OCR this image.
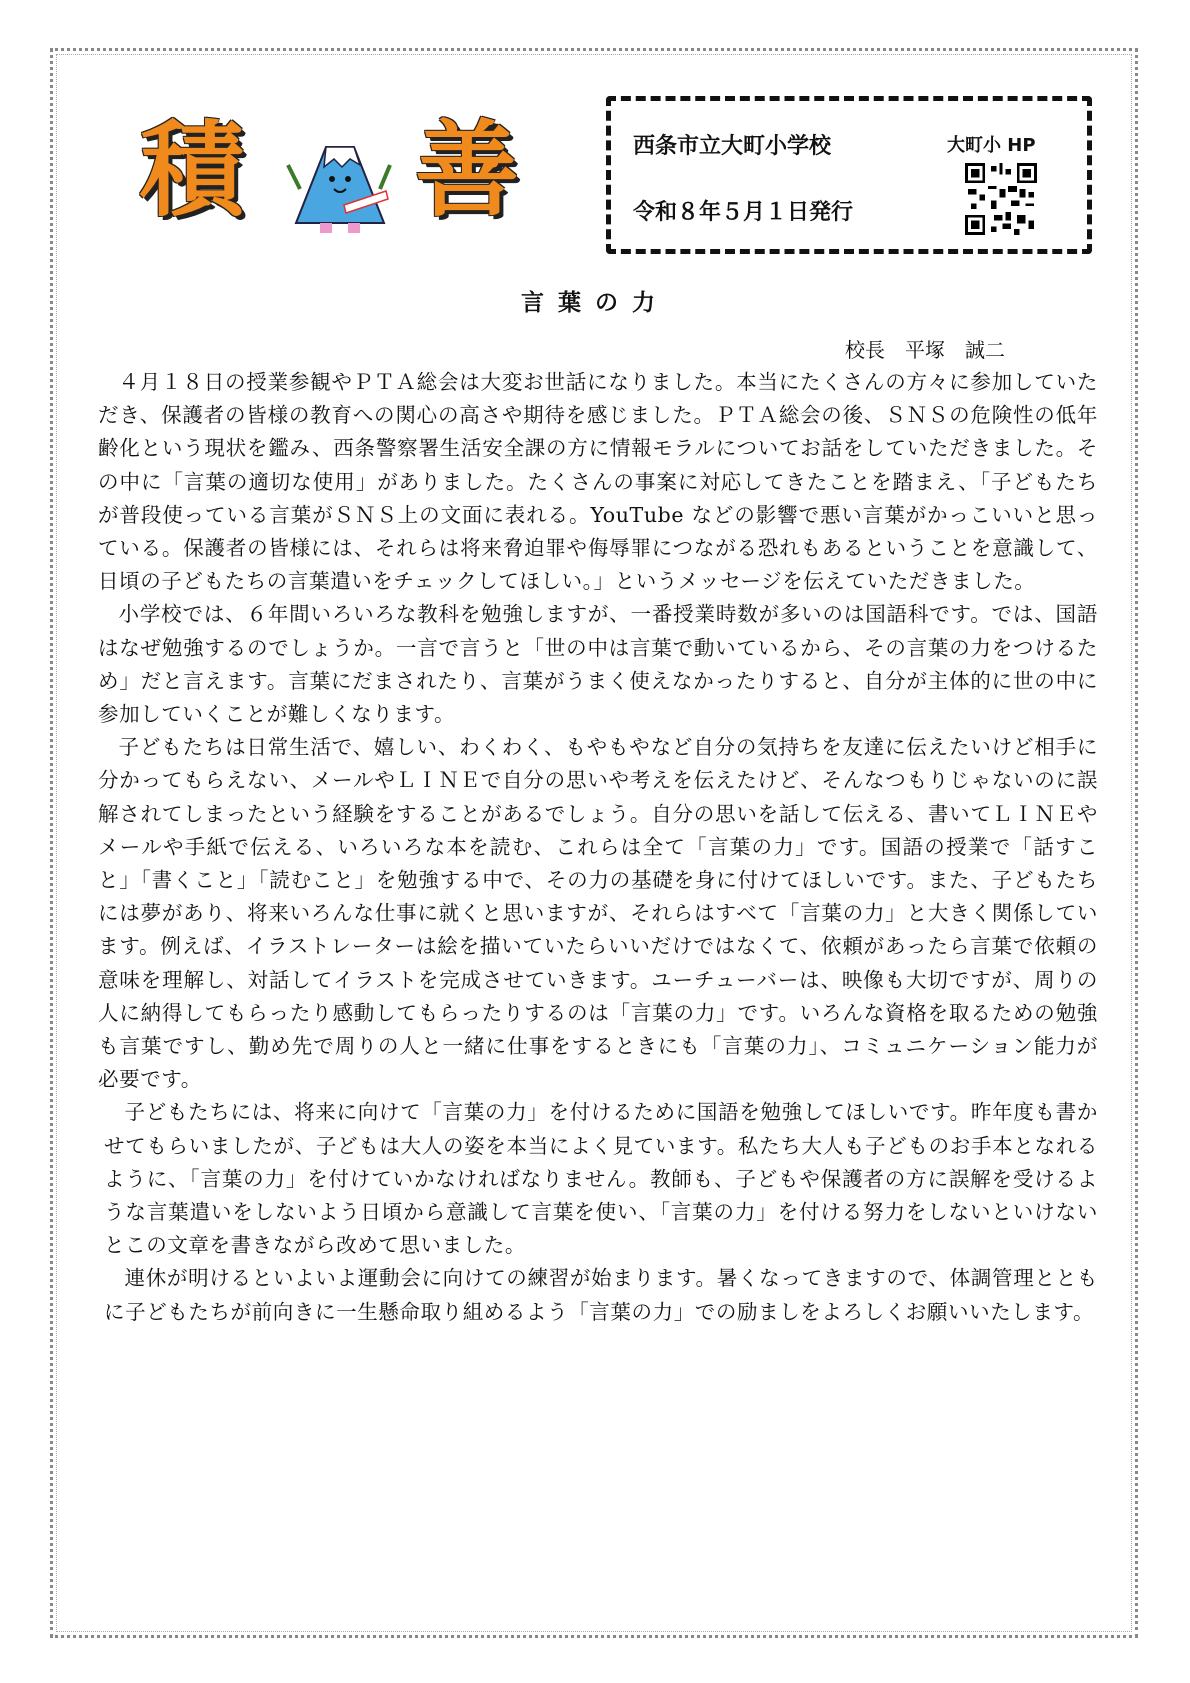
積 善	西条市立大町小学校
令和８年５月１日発行
大町小 HP
言葉の力
校長　平塚　誠二

４月１８日の授業参観やＰＴＡ総会は大変お世話になりました。本当にたくさんの方々に参加していただき、保護者の皆様の教育への関心の高さや期待を感じました。ＰＴＡ総会の後、ＳＮＳの危険性の低年齢化という現状を鑑み、西条警察署生活安全課の方に情報モラルについてお話をしていただきました。その中に「言葉の適切な使用」がありました。たくさんの事案に対応してきたことを踏まえ、「子どもたちが普段使っている言葉がＳＮＳ上の文面に表れる。YouTube などの影響で悪い言葉がかっこいいと思っている。保護者の皆様には、それらは将来脅迫罪や侮辱罪につながる恐れもあるということを意識して、日頃の子どもたちの言葉遣いをチェックしてほしい。」というメッセージを伝えていただきました。

小学校では、６年間いろいろな教科を勉強しますが、一番授業時数が多いのは国語科です。では、国語はなぜ勉強するのでしょうか。一言で言うと「世の中は言葉で動いているから、その言葉の力をつけるため」だと言えます。言葉にだまされたり、言葉がうまく使えなかったりすると、自分が主体的に世の中に参加していくことが難しくなります。

子どもたちは日常生活で、嬉しい、わくわく、もやもやなど自分の気持ちを友達に伝えたいけど相手に分かってもらえない、メールやＬＩＮＥで自分の思いや考えを伝えたけど、そんなつもりじゃないのに誤解されてしまったという経験をすることがあるでしょう。自分の思いを話して伝える、書いてＬＩＮＥやメールや手紙で伝える、いろいろな本を読む、これらは全て「言葉の力」です。国語の授業で「話すこと」「書くこと」「読むこと」を勉強する中で、その力の基礎を身に付けてほしいです。また、子どもたちには夢があり、将来いろんな仕事に就くと思いますが、それらはすべて「言葉の力」と大きく関係しています。例えば、イラストレーターは絵を描いていたらいいだけではなくて、依頼があったら言葉で依頼の意味を理解し、対話してイラストを完成させていきます。ユーチューバーは、映像も大切ですが、周りの人に納得してもらったり感動してもらったりするのは「言葉の力」です。いろんな資格を取るための勉強も言葉ですし、勤め先で周りの人と一緒に仕事をするときにも「言葉の力」、コミュニケーション能力が必要です。

子どもたちには、将来に向けて「言葉の力」を付けるために国語を勉強してほしいです。昨年度も書かせてもらいましたが、子どもは大人の姿を本当によく見ています。私たち大人も子どものお手本となれるように、「言葉の力」を付けていかなければなりません。教師も、子どもや保護者の方に誤解を受けるような言葉遣いをしないよう日頃から意識して言葉を使い、「言葉の力」を付ける努力をしないといけないとこの文章を書きながら改めて思いました。

連休が明けるといよいよ運動会に向けての練習が始まります。暑くなってきますので、体調管理とともに子どもたちが前向きに一生懸命取り組めるよう「言葉の力」での励ましをよろしくお願いいたします。
